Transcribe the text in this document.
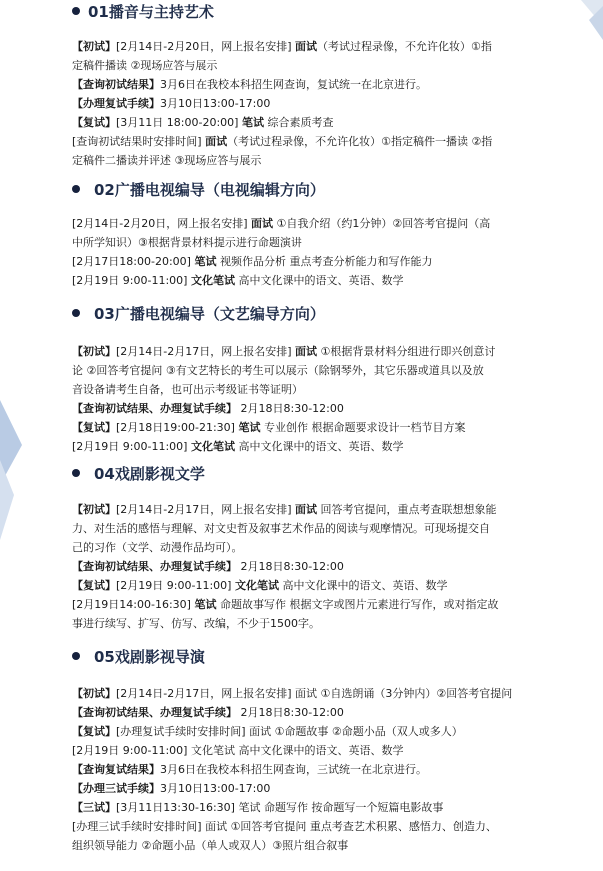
01播音与主持艺术
【初试】[2月14日-2月20日，网上报名安排] 面试（考试过程录像，不允许化妆）①指
定稿件播读 ②现场应答与展示
【查询初试结果】3月6日在我校本科招生网查询，复试统一在北京进行。
【办理复试手续】3月10日13:00-17:00
【复试】[3月11日 18:00-20:00] 笔试 综合素质考查
[查询初试结果时安排时间] 面试（考试过程录像，不允许化妆）①指定稿件一播读 ②指
定稿件二播读并评述 ③现场应答与展示
02广播电视编导（电视编辑方向）
[2月14日-2月20日，网上报名安排] 面试 ①自我介绍（约1分钟）②回答考官提问（高
中所学知识）③根据背景材料提示进行命题演讲
[2月17日18:00-20:00] 笔试 视频作品分析 重点考查分析能力和写作能力
[2月19日 9:00-11:00] 文化笔试 高中文化课中的语文、英语、数学
03广播电视编导（文艺编导方向）
【初试】[2月14日-2月17日，网上报名安排] 面试 ①根据背景材料分组进行即兴创意讨
论 ②回答考官提问 ③有文艺特长的考生可以展示（除钢琴外，其它乐器或道具以及放
音设备请考生自备，也可出示考级证书等证明）
【查询初试结果、办理复试手续】 2月18日8:30-12:00
【复试】[2月18日19:00-21:30] 笔试 专业创作 根据命题要求设计一档节目方案
[2月19日 9:00-11:00] 文化笔试 高中文化课中的语文、英语、数学
04戏剧影视文学
【初试】[2月14日-2月17日，网上报名安排] 面试 回答考官提问，重点考查联想想象能
力、对生活的感悟与理解、对文史哲及叙事艺术作品的阅读与观摩情况。可现场提交自
己的习作（文学、动漫作品均可）。
【查询初试结果、办理复试手续】 2月18日8:30-12:00
【复试】[2月19日 9:00-11:00] 文化笔试 高中文化课中的语文、英语、数学
[2月19日14:00-16:30] 笔试 命题故事写作 根据文字或图片元素进行写作，或对指定故
事进行续写、扩写、仿写、改编，不少于1500字。
05戏剧影视导演
【初试】[2月14日-2月17日，网上报名安排] 面试 ①自选朗诵（3分钟内）②回答考官提问
【查询初试结果、办理复试手续】 2月18日8:30-12:00
【复试】[办理复试手续时安排时间] 面试 ①命题故事 ②命题小品（双人或多人）
[2月19日 9:00-11:00] 文化笔试 高中文化课中的语文、英语、数学
【查询复试结果】3月6日在我校本科招生网查询，三试统一在北京进行。
【办理三试手续】3月10日13:00-17:00
【三试】[3月11日13:30-16:30] 笔试 命题写作 按命题写一个短篇电影故事
[办理三试手续时安排时间] 面试 ①回答考官提问 重点考查艺术积累、感悟力、创造力、
组织领导能力 ②命题小品（单人或双人）③照片组合叙事
